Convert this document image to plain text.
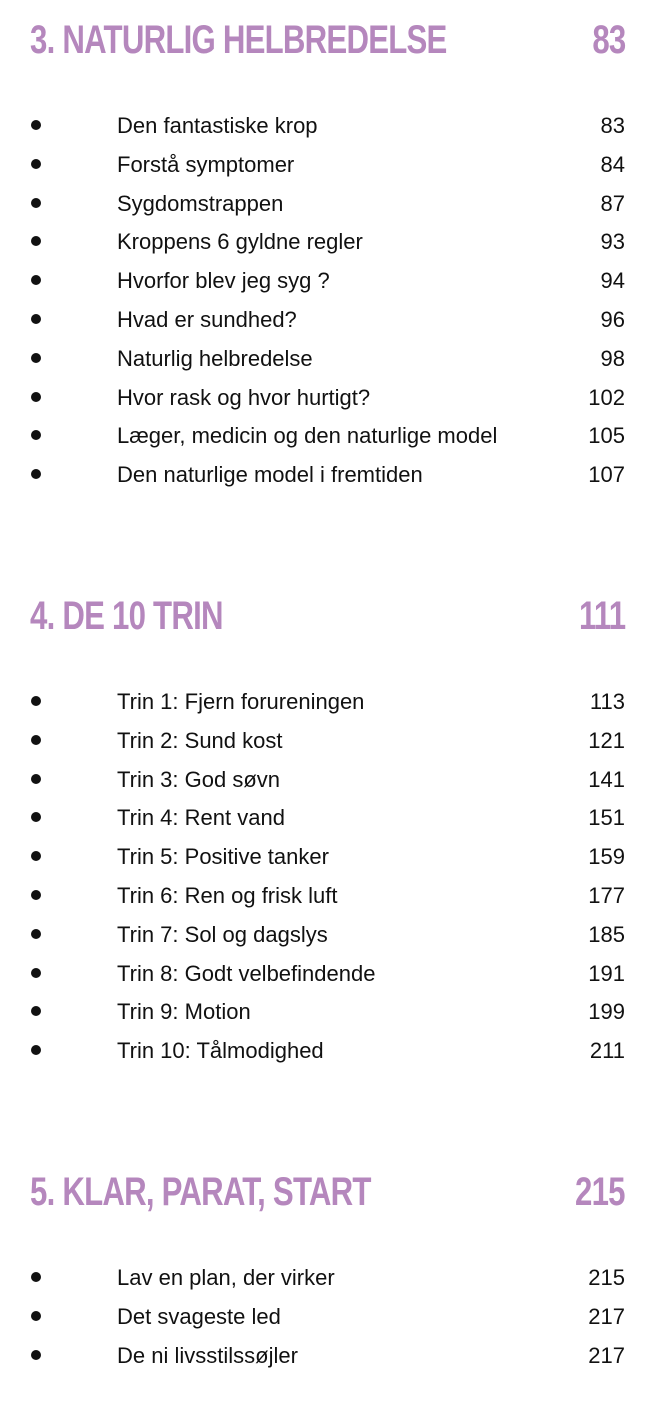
3. NATURLIG HELBREDELSE	83
Den fantastiske krop	83
Forstå symptomer	84
Sygdomstrappen	87
Kroppens 6 gyldne regler	93
Hvorfor blev jeg syg ?	94
Hvad er sundhed?	96
Naturlig helbredelse	98
Hvor rask og hvor hurtigt?	102
Læger, medicin og den naturlige model	105
Den naturlige model i fremtiden	107
4. DE 10 TRIN	111
Trin 1: Fjern forureningen	113
Trin 2: Sund kost	121
Trin 3: God søvn	141
Trin 4: Rent vand	151
Trin 5: Positive tanker	159
Trin 6: Ren og frisk luft	177
Trin 7: Sol og dagslys	185
Trin 8: Godt velbefindende	191
Trin 9: Motion	199
Trin 10: Tålmodighed	211
5. KLAR, PARAT, START	215
Lav en plan, der virker	215
Det svageste led	217
De ni livsstilssøjler	217
